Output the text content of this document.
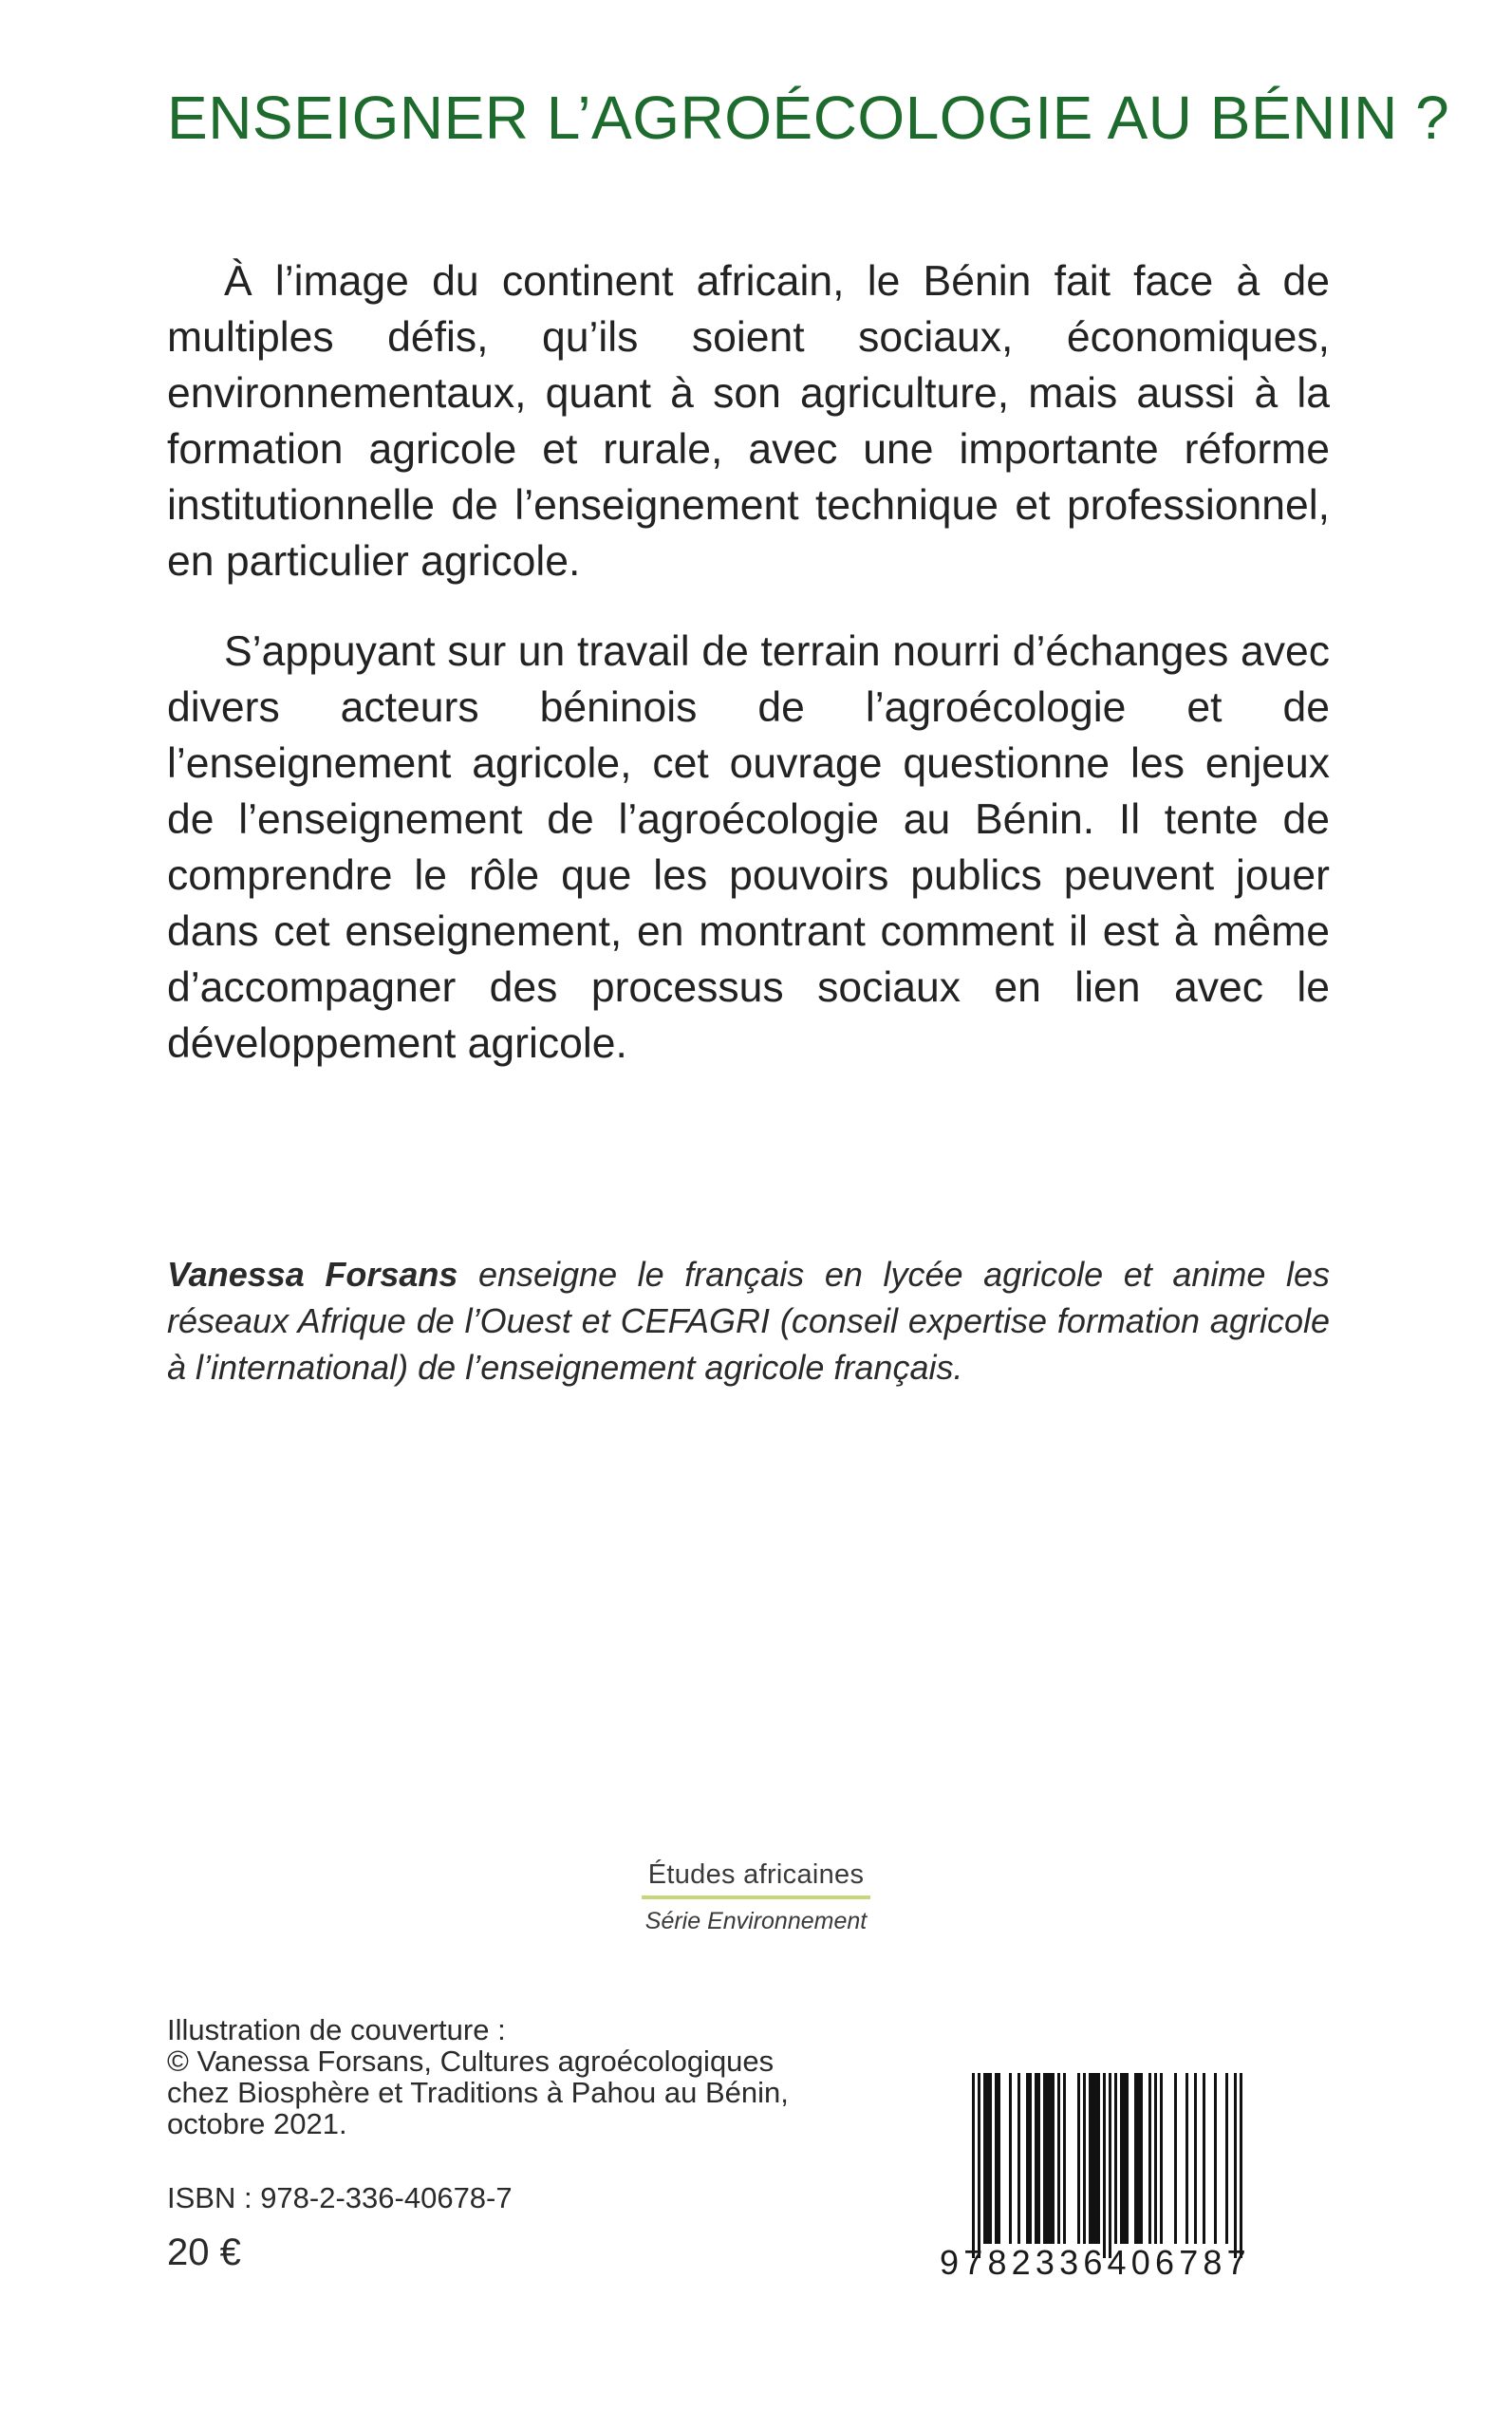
ENSEIGNER L’AGROÉCOLOGIE AU BÉNIN ?

À l’image du continent africain, le Bénin fait face à de multiples défis, qu’ils soient sociaux, économiques, environnementaux, quant à son agriculture, mais aussi à la formation agricole et rurale, avec une importante réforme institutionnelle de l’enseignement technique et professionnel, en particulier agricole.

S’appuyant sur un travail de terrain nourri d’échanges avec divers acteurs béninois de l’agroécologie et de l’enseignement agricole, cet ouvrage questionne les enjeux de l’enseignement de l’agroécologie au Bénin. Il tente de comprendre le rôle que les pouvoirs publics peuvent jouer dans cet enseignement, en montrant comment il est à même d’accompagner des processus sociaux en lien avec le développement agricole.

Vanessa Forsans enseigne le français en lycée agricole et anime les réseaux Afrique de l’Ouest et CEFAGRI (conseil expertise formation agricole à l’international) de l’enseignement agricole français.

Études africaines
Série Environnement
Illustration de couverture :
© Vanessa Forsans, Cultures agroécologiques
chez Biosphère et Traditions à Pahou au Bénin,
octobre 2021.
ISBN : 978-2-336-40678-7
20 €	9782336406787
